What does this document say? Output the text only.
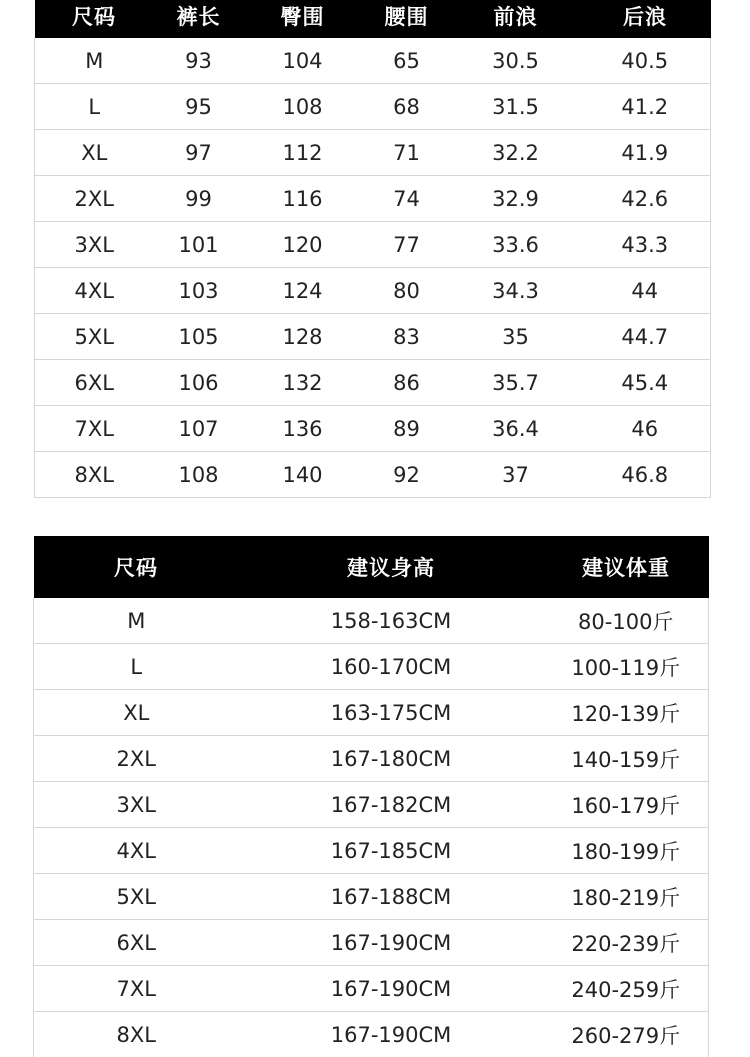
尺码	裤长	臀围	腰围	前浪	后浪
M	93	104	65	30.5	40.5
L	95	108	68	31.5	41.2
XL	97	112	71	32.2	41.9
2XL	99	116	74	32.9	42.6
3XL	101	120	77	33.6	43.3
4XL	103	124	80	34.3	44
5XL	105	128	83	35	44.7
6XL	106	132	86	35.7	45.4
7XL	107	136	89	36.4	46
8XL	108	140	92	37	46.8
尺码	建议身高	建议体重
M	158-163CM	80-100斤
L	160-170CM	100-119斤
XL	163-175CM	120-139斤
2XL	167-180CM	140-159斤
3XL	167-182CM	160-179斤
4XL	167-185CM	180-199斤
5XL	167-188CM	180-219斤
6XL	167-190CM	220-239斤
7XL	167-190CM	240-259斤
8XL	167-190CM	260-279斤
